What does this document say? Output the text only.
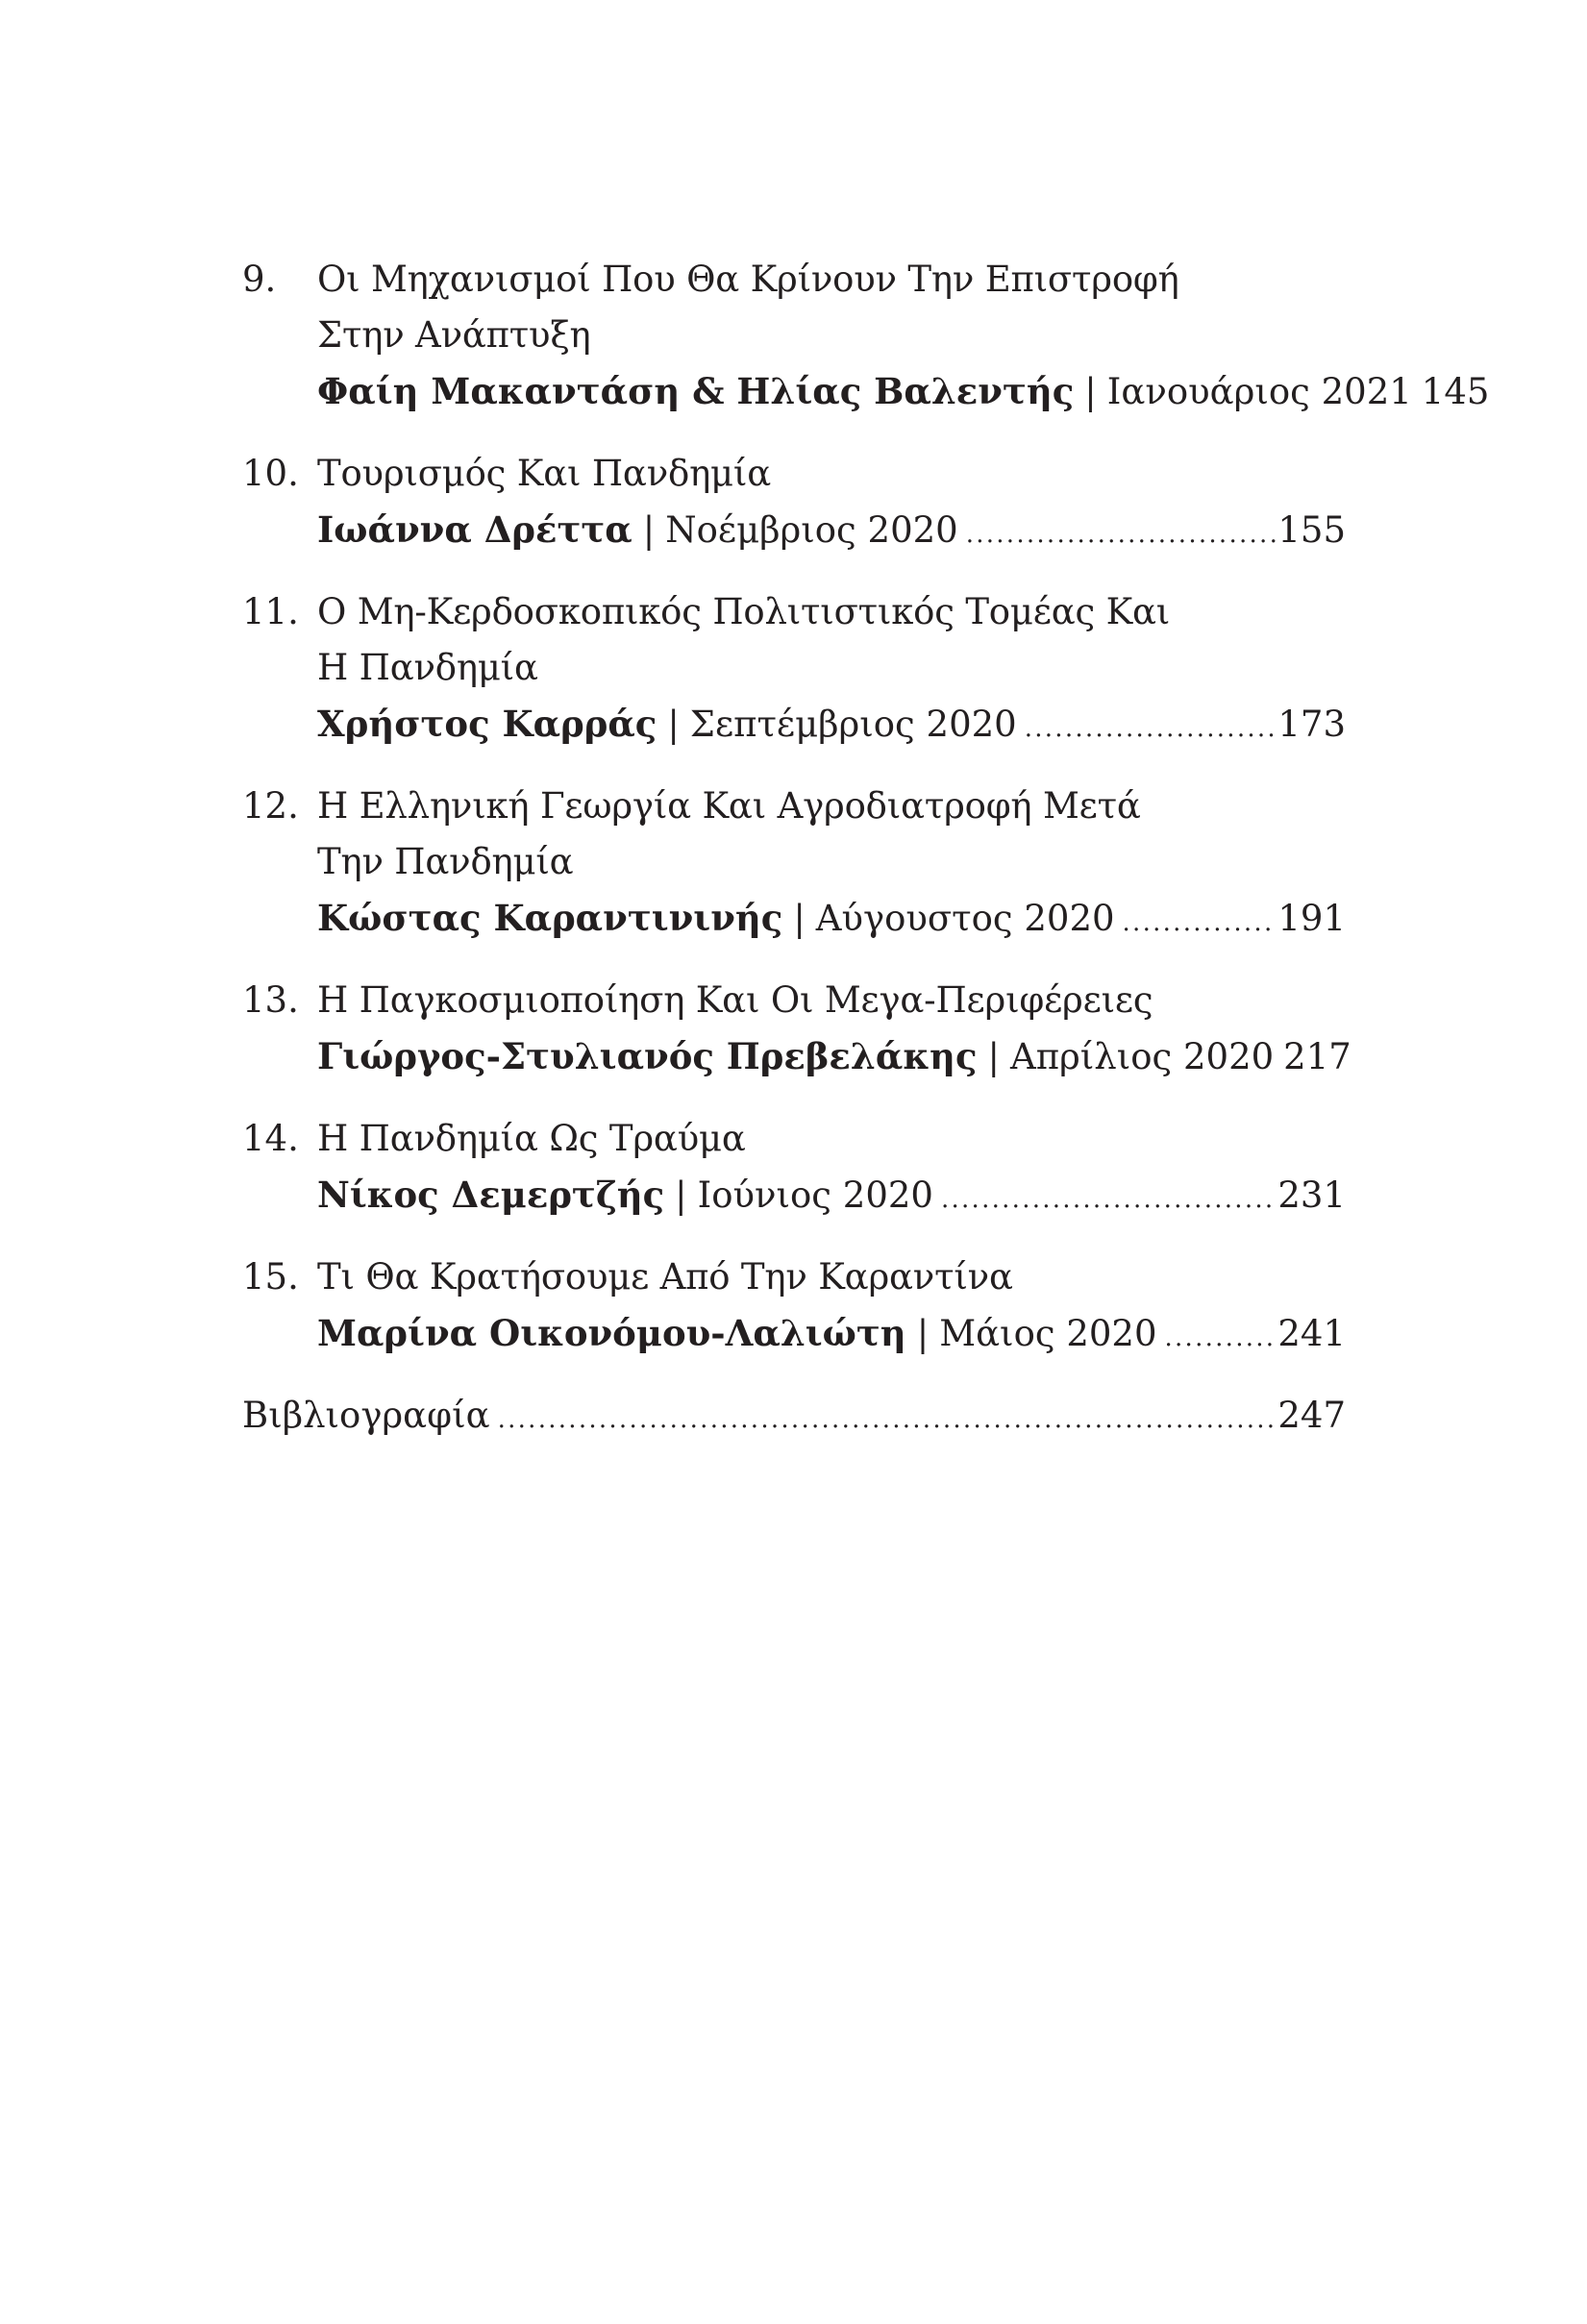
9.	Οι Μηχανισμοί Που Θα Κρίνουν Την Επιστροφή Στην Ανάπτυξη
Φαίη Μακαντάση & Ηλίας Βαλεντής | Ιανουάριος 2021 145
10. Τουρισμός Και Πανδημία
Ιωάννα Δρέττα | Νοέμβριος 2020 . . .	155
11. Ο Μη-Κερδοσκοπικός Πολιτιστικός Τομέας Και Η Πανδημία
Χρήστος Καρράς | Σεπτέμβριος 2020 . . .	173
12. Η Ελληνική Γεωργία Και Αγροδιατροφή Μετά Την Πανδημία
Κώστας Καραντινινής | Αύγουστος 2020 . . .	191
13. Η Παγκοσμιοποίηση Και Οι Μεγα-Περιφέρειες
Γιώργος-Στυλιανός Πρεβελάκης | Απρίλιος 2020 217
14. Η Πανδημία Ως Τραύμα
Νίκος Δεμερτζής | Ιούνιος 2020 . . .	231
15. Τι Θα Κρατήσουμε Από Την Καραντίνα
Μαρίνα Οικονόμου-Λαλιώτη | Μάιος 2020 . . .	241
Βιβλιογραφία . . .	247
